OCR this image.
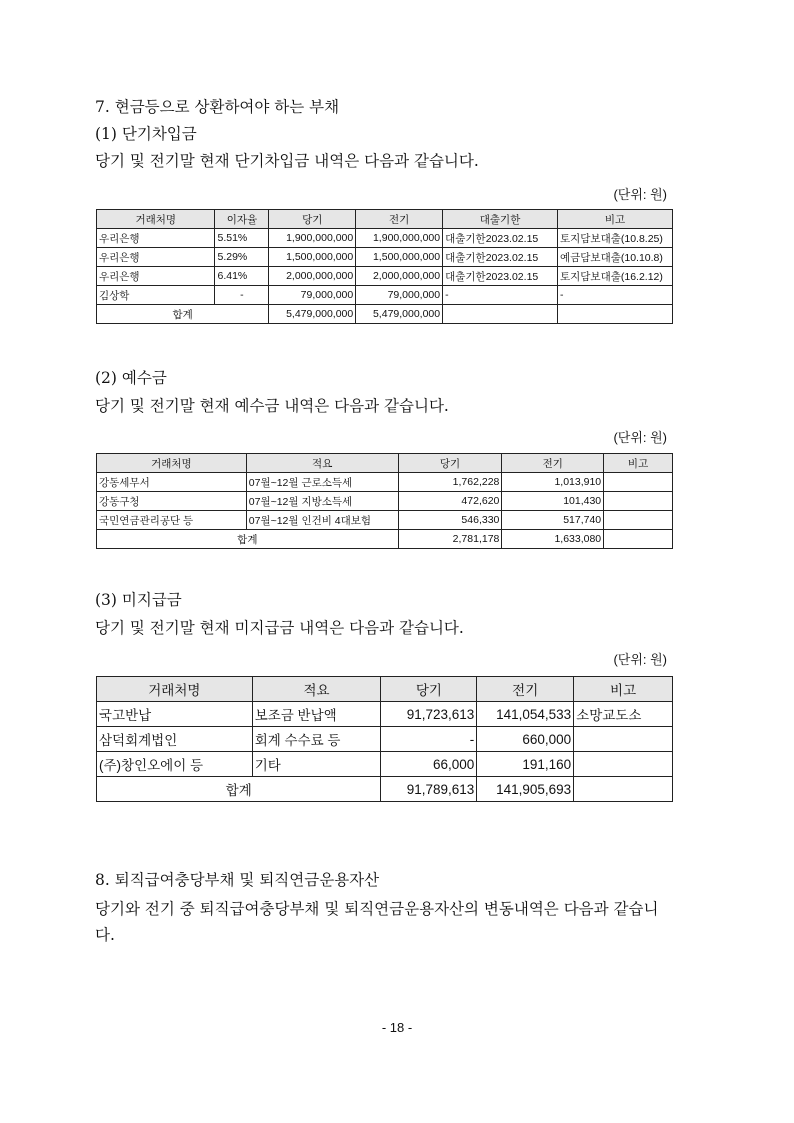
7. 현금등으로 상환하여야 하는 부채
(1) 단기차입금
당기 및 전기말 현재 단기차입금 내역은 다음과 같습니다.
(단위: 원)
거래처명	이자율	당기	전기	대출기한	비고
우리은행	5.51%	1,900,000,000	1,900,000,000	대출기한2023.02.15	토지담보대출(10.8.25)
우리은행	5.29%	1,500,000,000	1,500,000,000	대출기한2023.02.15	예금담보대출(10.10.8)
우리은행	6.41%	2,000,000,000	2,000,000,000	대출기한2023.02.15	토지담보대출(16.2.12)
김상학	-	79,000,000	79,000,000	-	-
합계		5,479,000,000	5,479,000,000		
(2) 예수금
당기 및 전기말 현재 예수금 내역은 다음과 같습니다.
(단위: 원)
거래처명	적요	당기	전기	비고
강동세무서	07월~12월 근로소득세	1,762,228	1,013,910	
강동구청	07월~12월 지방소득세	472,620	101,430	
국민연금관리공단 등	07월~12월 인건비 4대보험	546,330	517,740	
합계		2,781,178	1,633,080	
(3) 미지급금
당기 및 전기말 현재 미지급금 내역은 다음과 같습니다.
(단위: 원)
거래처명	적요	당기	전기	비고
국고반납	보조금 반납액	91,723,613	141,054,533	소망교도소
삼덕회계법인	회계 수수료 등	-	660,000	
(주)창인오에이 등	기타	66,000	191,160	
합계		91,789,613	141,905,693	
8. 퇴직급여충당부채 및 퇴직연금운용자산
당기와 전기 중 퇴직급여충당부채 및 퇴직연금운용자산의 변동내역은 다음과 같습니다.
- 18 -
